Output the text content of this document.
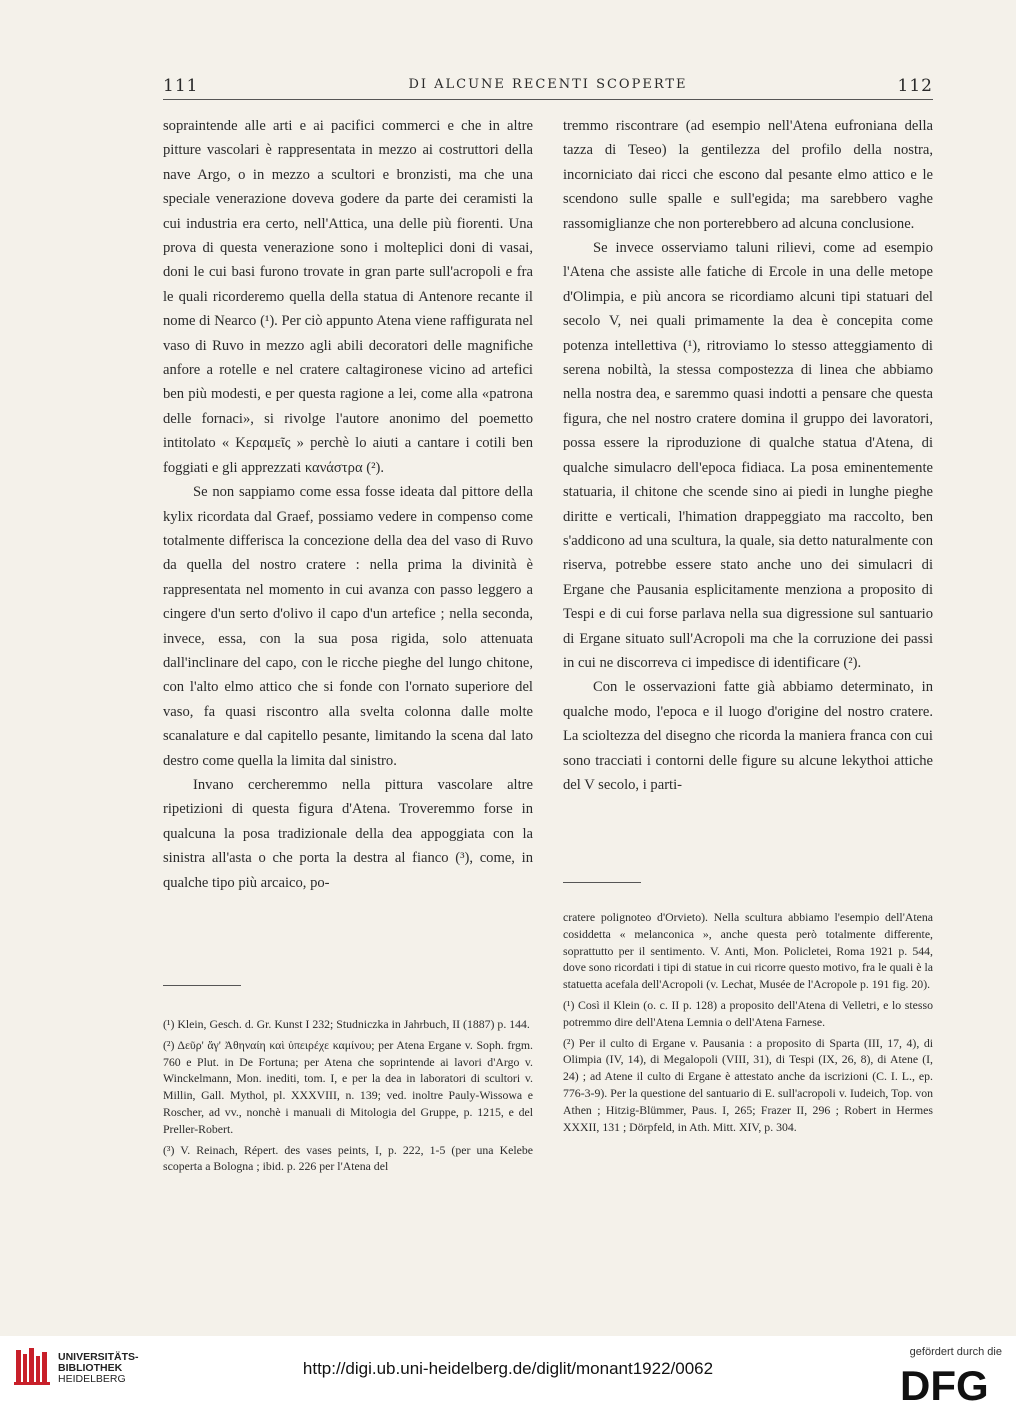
111	DI ALCUNE RECENTI SCOPERTE	112

sopraintende alle arti e ai pacifici commerci e che in altre pitture vascolari è rappresentata in mezzo ai costruttori della nave Argo, o in mezzo a scultori e bronzisti, ma che una speciale venerazione doveva godere da parte dei ceramisti la cui industria era certo, nell'Attica, una delle più fiorenti. Una prova di questa venerazione sono i molteplici doni di vasai, doni le cui basi furono trovate in gran parte sull'acropoli e fra le quali ricorderemo quella della statua di Antenore recante il nome di Nearco (¹). Per ciò appunto Atena viene raffigurata nel vaso di Ruvo in mezzo agli abili decoratori delle magnifiche anfore a rotelle e nel cratere caltagironese vicino ad artefici ben più modesti, e per questa ragione a lei, come alla «patrona delle fornaci», si rivolge l'autore anonimo del poemetto intitolato « Κεραμεῖς » perchè lo aiuti a cantare i cotili ben foggiati e gli apprezzati κανάστρα (²).

Se non sappiamo come essa fosse ideata dal pittore della kylix ricordata dal Graef, possiamo vedere in compenso come totalmente differisca la concezione della dea del vaso di Ruvo da quella del nostro cratere : nella prima la divinità è rappresentata nel momento in cui avanza con passo leggero a cingere d'un serto d'olivo il capo d'un artefice ; nella seconda, invece, essa, con la sua posa rigida, solo attenuata dall'inclinare del capo, con le ricche pieghe del lungo chitone, con l'alto elmo attico che si fonde con l'ornato superiore del vaso, fa quasi riscontro alla svelta colonna dalle molte scanalature e dal capitello pesante, limitando la scena dal lato destro come quella la limita dal sinistro.

Invano cercheremmo nella pittura vascolare altre ripetizioni di questa figura d'Atena. Troveremmo forse in qualcuna la posa tradizionale della dea appoggiata con la sinistra all'asta o che porta la destra al fianco (³), come, in qualche tipo più arcaico, po-

tremmo riscontrare (ad esempio nell'Atena eufroniana della tazza di Teseo) la gentilezza del profilo della nostra, incorniciato dai ricci che escono dal pesante elmo attico e le scendono sulle spalle e sull'egida; ma sarebbero vaghe rassomiglianze che non porterebbero ad alcuna conclusione.

Se invece osserviamo taluni rilievi, come ad esempio l'Atena che assiste alle fatiche di Ercole in una delle metope d'Olimpia, e più ancora se ricordiamo alcuni tipi statuari del secolo V, nei quali primamente la dea è concepita come potenza intellettiva (¹), ritroviamo lo stesso atteggiamento di serena nobiltà, la stessa compostezza di linea che abbiamo nella nostra dea, e saremmo quasi indotti a pensare che questa figura, che nel nostro cratere domina il gruppo dei lavoratori, possa essere la riproduzione di qualche statua d'Atena, di qualche simulacro dell'epoca fidiaca. La posa eminentemente statuaria, il chitone che scende sino ai piedi in lunghe pieghe diritte e verticali, l'himation drappeggiato ma raccolto, ben s'addicono ad una scultura, la quale, sia detto naturalmente con riserva, potrebbe essere stato anche uno dei simulacri di Ergane che Pausania esplicitamente menziona a proposito di Tespi e di cui forse parlava nella sua digressione sul santuario di Ergane situato sull'Acropoli ma che la corruzione dei passi in cui ne discorreva ci impedisce di identificare (²).

Con le osservazioni fatte già abbiamo determinato, in qualche modo, l'epoca e il luogo d'origine del nostro cratere. La scioltezza del disegno che ricorda la maniera franca con cui sono tracciati i contorni delle figure su alcune lekythoi attiche del V secolo, i parti-

(¹) Klein, Gesch. d. Gr. Kunst I 232; Studniczka in Jahrbuch, II (1887) p. 144.

(²) Δεῦρ' ἄγ' Ἀθηναίη καὶ ὑπειρέχε καμίνου; per Atena Ergane v. Soph. frgm. 760 e Plut. in De Fortuna; per Atena che soprintende ai lavori d'Argo v. Winckelmann, Mon. inediti, tom. I, e per la dea in laboratori di scultori v. Millin, Gall. Mythol, pl. XXXVIII, n. 139; ved. inoltre Pauly-Wissowa e Roscher, ad vv., nonchè i manuali di Mitologia del Gruppe, p. 1215, e del Preller-Robert.

(³) V. Reinach, Répert. des vases peints, I, p. 222, 1-5 (per una Kelebe scoperta a Bologna ; ibid. p. 226 per l'Atena del

cratere polignoteo d'Orvieto). Nella scultura abbiamo l'esempio dell'Atena cosiddetta « melanconica », anche questa però totalmente differente, soprattutto per il sentimento. V. Anti, Mon. Policletei, Roma 1921 p. 544, dove sono ricordati i tipi di statue in cui ricorre questo motivo, fra le quali è la statuetta acefala dell'Acropoli (v. Lechat, Musée de l'Acropole p. 191 fig. 20).

(¹) Così il Klein (o. c. II p. 128) a proposito dell'Atena di Velletri, e lo stesso potremmo dire dell'Atena Lemnia o dell'Atena Farnese.

(²) Per il culto di Ergane v. Pausania : a proposito di Sparta (III, 17, 4), di Olimpia (IV, 14), di Megalopoli (VIII, 31), di Tespi (IX, 26, 8), di Atene (I, 24) ; ad Atene il culto di Ergane è attestato anche da iscrizioni (C. I. L., ep. 776-3-9). Per la questione del santuario di E. sull'acropoli v. Iudeich, Top. von Athen ; Hitzig-Blümmer, Paus. I, 265; Frazer II, 296 ; Robert in Hermes XXXII, 131 ; Dörpfeld, in Ath. Mitt. XIV, p. 304.

UNIVERSITÄTS-
BIBLIOTHEK
HEIDELBERG
http://digi.ub.uni-heidelberg.de/diglit/monant1922/0062
gefördert durch die
DFG
